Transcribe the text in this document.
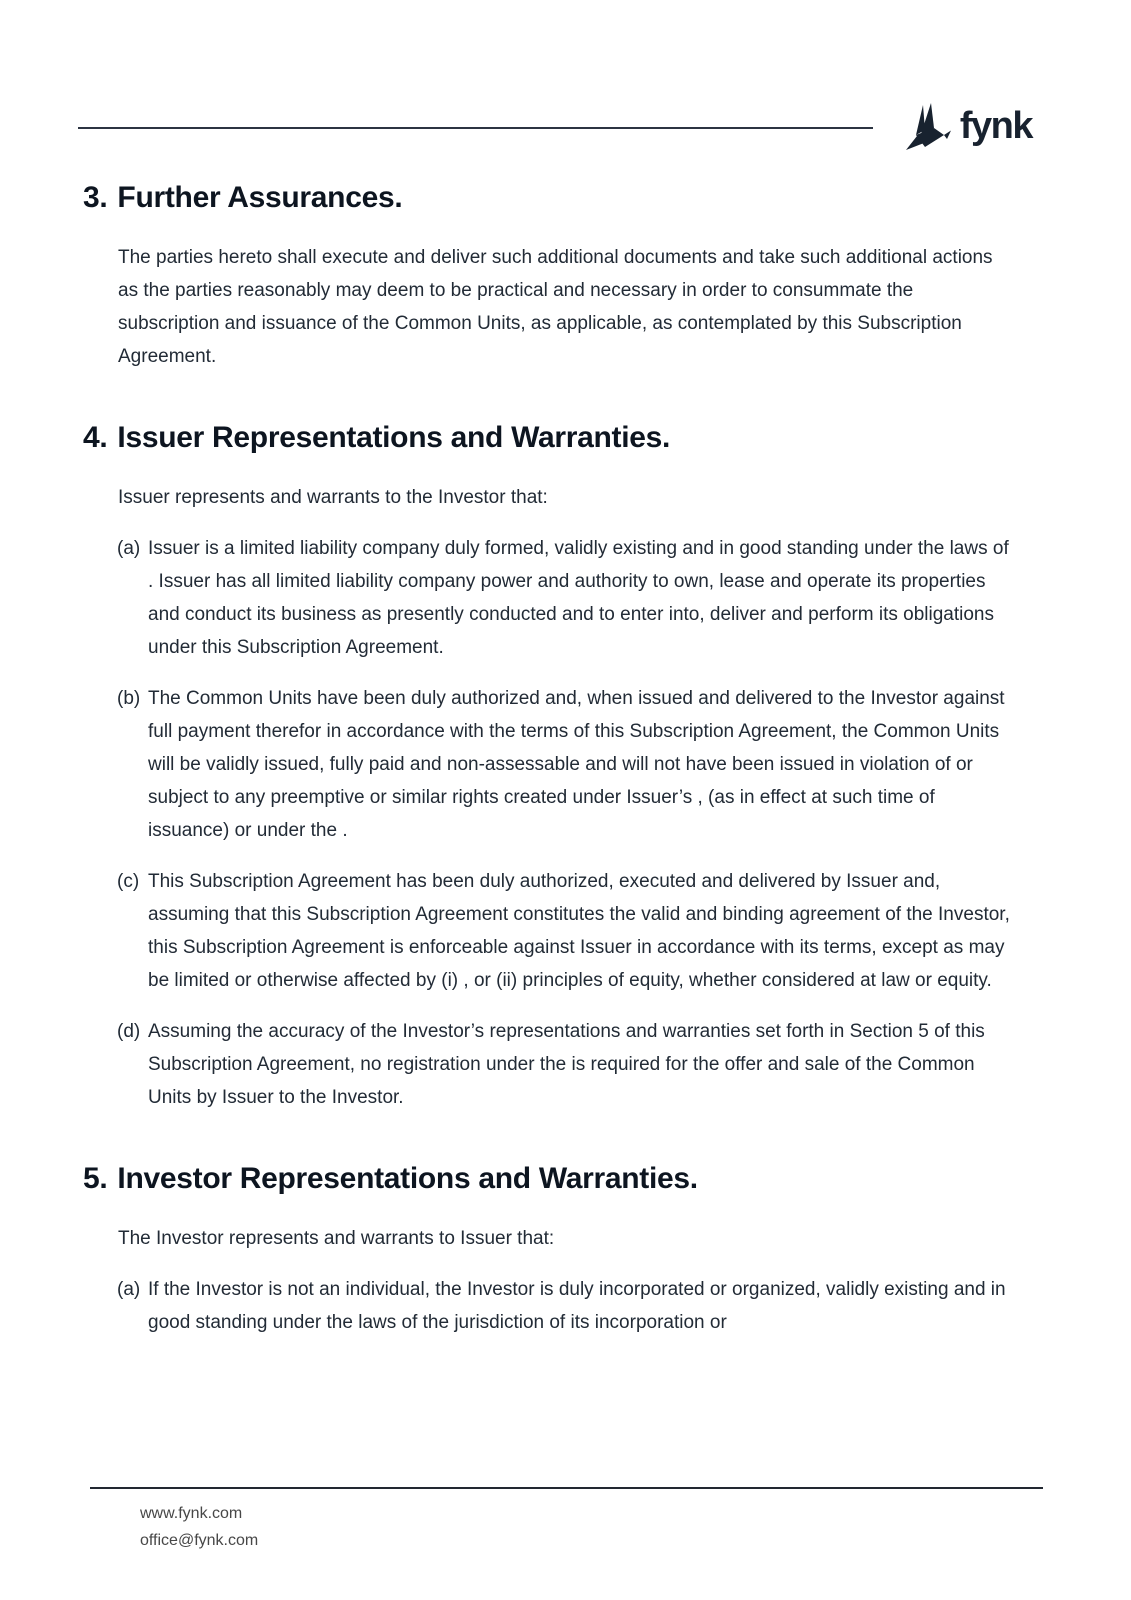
fynk
3. Further Assurances.

The parties hereto shall execute and deliver such additional documents and take such additional actions as the parties reasonably may deem to be practical and necessary in order to consummate the subscription and issuance of the Common Units, as applicable, as contemplated by this Subscription Agreement.

4. Issuer Representations and Warranties.

Issuer represents and warrants to the Investor that:

(a) Issuer is a limited liability company duly formed, validly existing and in good standing under the laws of . Issuer has all limited liability company power and authority to own, lease and operate its properties and conduct its business as presently conducted and to enter into, deliver and perform its obligations under this Subscription Agreement.
(b) The Common Units have been duly authorized and, when issued and delivered to the Investor against full payment therefor in accordance with the terms of this Subscription Agreement, the Common Units will be validly issued, fully paid and non-assessable and will not have been issued in violation of or subject to any preemptive or similar rights created under Issuer’s , (as in effect at such time of issuance) or under the .
(c) This Subscription Agreement has been duly authorized, executed and delivered by Issuer and, assuming that this Subscription Agreement constitutes the valid and binding agreement of the Investor, this Subscription Agreement is enforceable against Issuer in accordance with its terms, except as may be limited or otherwise affected by (i) , or (ii) principles of equity, whether considered at law or equity.
(d) Assuming the accuracy of the Investor’s representations and warranties set forth in Section 5 of this Subscription Agreement, no registration under the is required for the offer and sale of the Common Units by Issuer to the Investor.
5. Investor Representations and Warranties.

The Investor represents and warrants to Issuer that:

(a) If the Investor is not an individual, the Investor is duly incorporated or organized, validly existing and in good standing under the laws of the jurisdiction of its incorporation or
www.fynk.com
office@fynk.com
